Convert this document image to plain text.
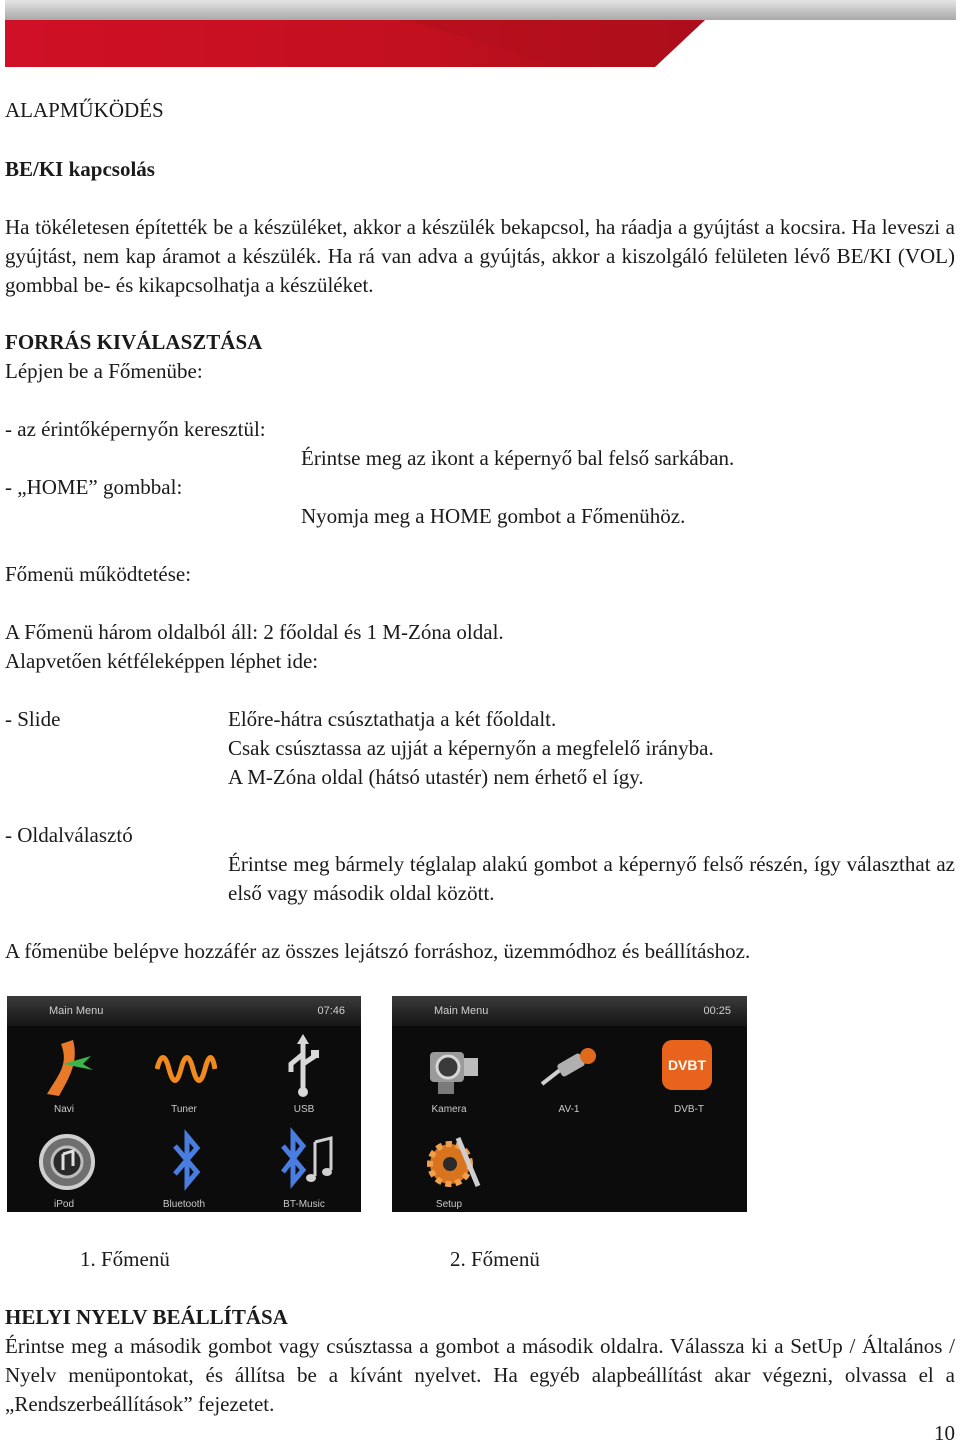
ALAPMŰKÖDÉS
BE/KI kapcsolás
Ha tökéletesen építették be a készüléket, akkor a készülék bekapcsol, ha ráadja a gyújtást a kocsira. Ha leveszi a gyújtást, nem kap áramot a készülék. Ha rá van adva a gyújtás, akkor a kiszolgáló felületen lévő BE/KI (VOL) gombbal be- és kikapcsolhatja a készüléket.
FORRÁS KIVÁLASZTÁSA
Lépjen be a Főmenübe:
- az érintőképernyőn keresztül:
Érintse meg az ikont a képernyő bal felső sarkában.
- „HOME” gombbal:
Nyomja meg a HOME gombot a Főmenühöz.
Főmenü működtetése:
A Főmenü három oldalból áll: 2 főoldal és 1 M-Zóna oldal.
Alapvetően kétféleképpen léphet ide:
- Slide	Előre-hátra csúsztathatja a két főoldalt.
Csak csúsztassa az ujját a képernyőn a megfelelő irányba.
A M-Zóna oldal (hátsó utastér) nem érhető el így.
- Oldalválasztó
Érintse meg bármely téglalap alakú gombot a képernyő felső részén, így választhat az első vagy második oldal között.
A főmenübe belépve hozzáfér az összes lejátszó forráshoz, üzemmódhoz és beállításhoz.
Main Menu	07:46
Navi	Tuner	USB
iPod	Bluetooth	BT-Music
Main Menu	00:25
DVBT
Kamera	AV-1	DVB-T
Setup
1. Főmenü	2. Főmenü
HELYI NYELV BEÁLLÍTÁSA
Érintse meg a második gombot vagy csúsztassa a gombot a második oldalra. Válassza ki a SetUp / Általános / Nyelv menüpontokat, és állítsa be a kívánt nyelvet. Ha egyéb alapbeállítást akar végezni, olvassa el a „Rendszerbeállítások” fejezetet.
10
